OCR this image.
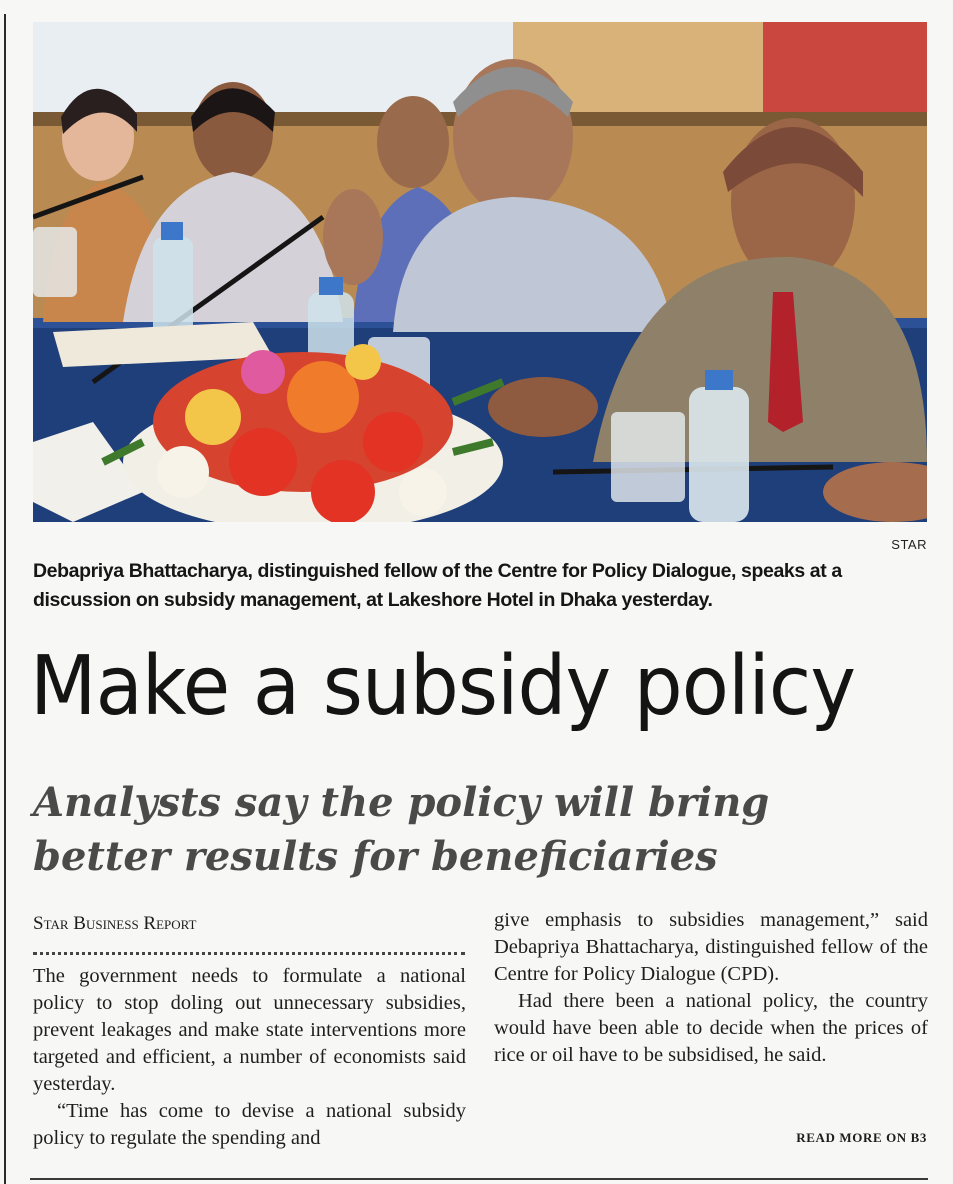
STAR
Debapriya Bhattacharya, distinguished fellow of the Centre for Policy Dialogue, speaks at a discussion on subsidy management, at Lakeshore Hotel in Dhaka yesterday.
Make a subsidy policy
Analysts say the policy will bring
better results for beneficiaries
Star Business Report

The government needs to formulate a national policy to stop doling out unnecessary subsidies, prevent leakages and make state interventions more targeted and efficient, a number of economists said yesterday.

“Time has come to devise a national subsidy policy to regulate the spending and

give emphasis to subsidies management,” said Debapriya Bhattacharya, distinguished fellow of the Centre for Policy Dialogue (CPD).

Had there been a national policy, the country would have been able to decide when the prices of rice or oil have to be subsidised, he said.

READ MORE ON B3
